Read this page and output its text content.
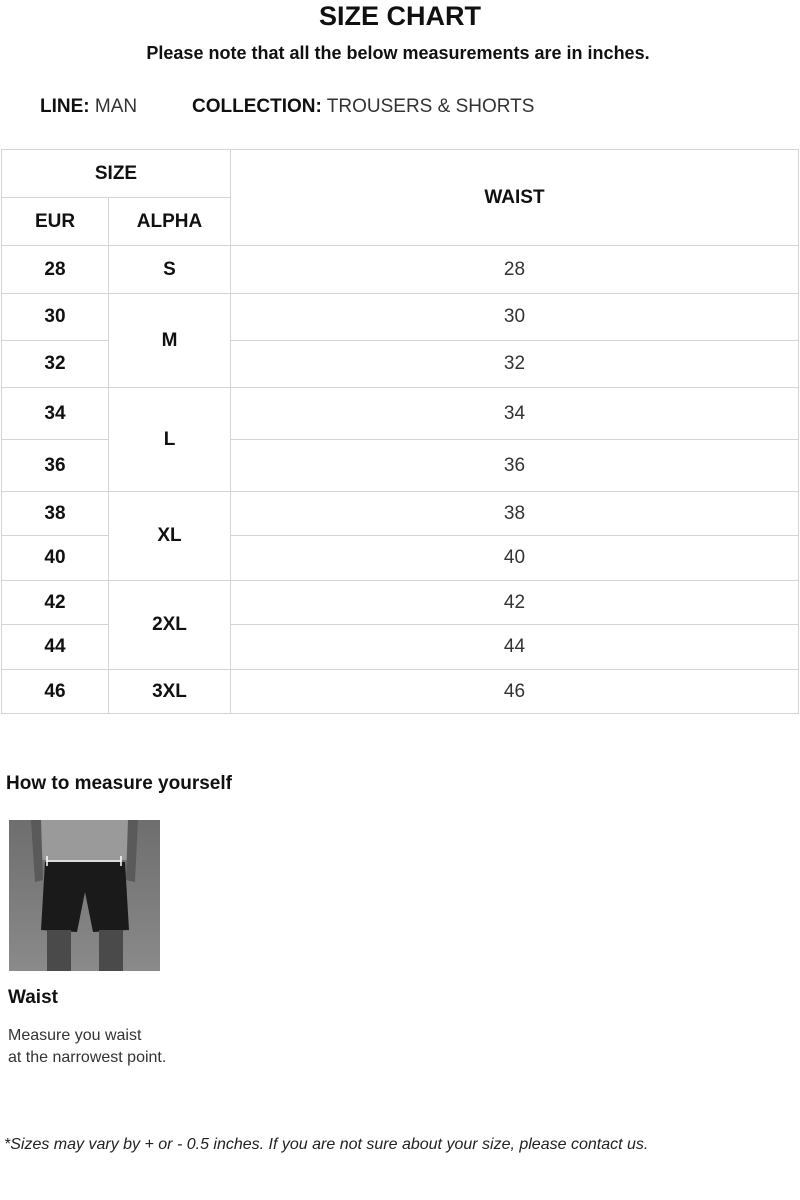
SIZE CHART
Please note that all the below measurements are in inches.
LINE: MAN	COLLECTION: TROUSERS & SHORTS
SIZE		WAIST
EUR	ALPHA	
28	S	28
30	M	30
32		32
34	L	34
36		36
38	XL	38
40		40
42	2XL	42
44		44
46	3XL	46
How to measure yourself
Waist
Measure you waist
at the narrowest point.
*Sizes may vary by + or - 0.5 inches. If you are not sure about your size, please contact us.
